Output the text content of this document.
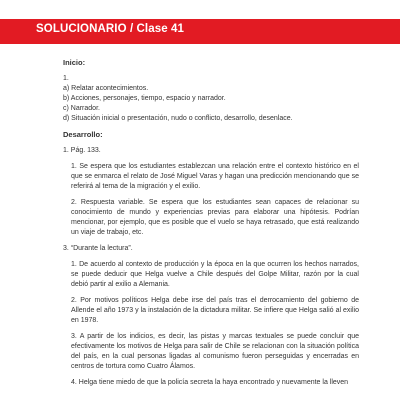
SOLUCIONARIO / Clase 41
Inicio:
1.
a) Relatar acontecimientos.
b) Acciones, personajes, tiempo, espacio y narrador.
c) Narrador.
d) Situación inicial o presentación, nudo o conflicto, desarrollo, desenlace.
Desarrollo:
1. Pág. 133.
1. Se espera que los estudiantes establezcan una relación entre el contexto histórico en el que se enmarca el relato de José Miguel Varas y hagan una predicción mencionando que se referirá al tema de la migración y el exilio.
2. Respuesta variable. Se espera que los estudiantes sean capaces de relacionar su conocimiento de mundo y experiencias previas para elaborar una hipótesis. Podrían mencionar, por ejemplo, que es posible que el vuelo se haya retrasado, que está realizando un viaje de trabajo, etc.
3. “Durante la lectura”.
1. De acuerdo al contexto de producción y la época en la que ocurren los hechos narrados, se puede deducir que Helga vuelve a Chile después del Golpe Militar, razón por la cual debió partir al exilio a Alemania.
2. Por motivos políticos Helga debe irse del país tras el derrocamiento del gobierno de Allende el año 1973 y la instalación de la dictadura militar. Se infiere que Helga salió al exilio en 1978.
3. A partir de los indicios, es decir, las pistas y marcas textuales se puede concluir que efectivamente los motivos de Helga para salir de Chile se relacionan con la situación política del país, en la cual personas ligadas al comunismo fueron perseguidas y encerradas en centros de tortura como Cuatro Álamos.
4. Helga tiene miedo de que la policía secreta la haya encontrado y nuevamente la lleven
